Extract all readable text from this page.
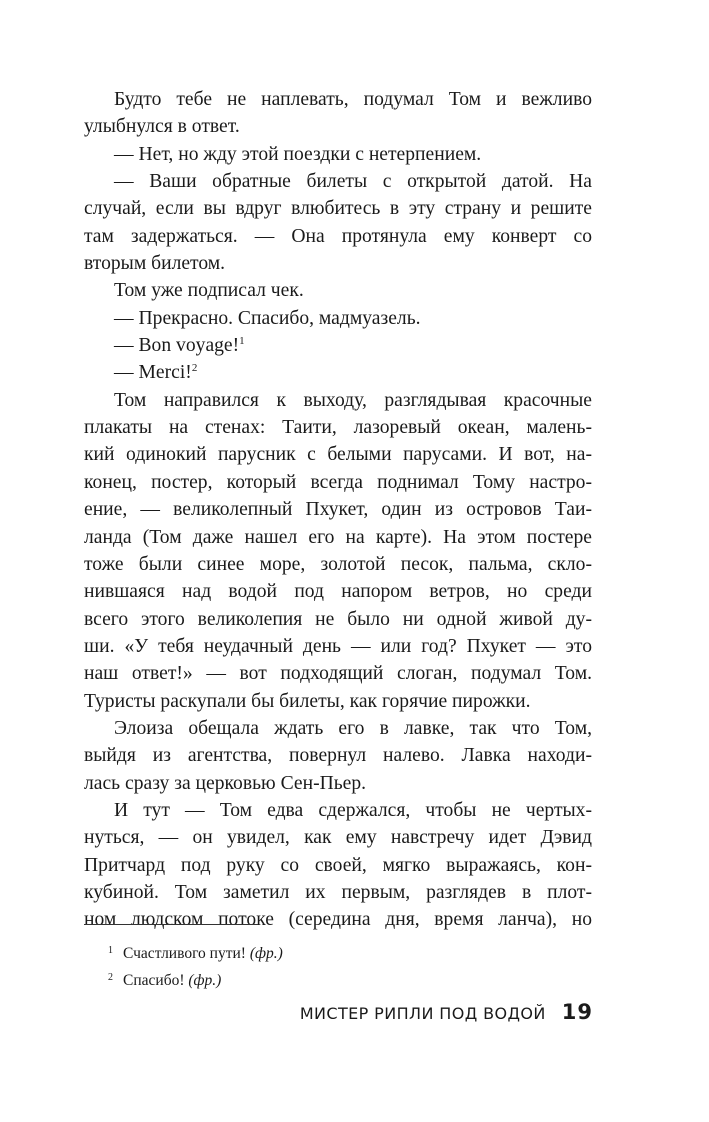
Будто тебе не наплевать, подумал Том и вежливо
улыбнулся в ответ.
— Нет, но жду этой поездки с нетерпением.
— Ваши обратные билеты с открытой датой. На
случай, если вы вдруг влюбитесь в эту страну и решите
там задержаться. — Она протянула ему конверт со
вторым билетом.
Том уже подписал чек.
— Прекрасно. Спасибо, мадмуазель.
— Bon voyage!$^1$
— Merci!$^2$
Том направился к выходу, разглядывая красочные
плакаты на стенах: Таити, лазоревый океан, малень-
кий одинокий парусник с белыми парусами. И вот, на-
конец, постер, который всегда поднимал Тому настро-
ение, — великолепный Пхукет, один из островов Таи-
ланда (Том даже нашел его на карте). На этом постере
тоже были синее море, золотой песок, пальма, скло-
нившаяся над водой под напором ветров, но среди
всего этого великолепия не было ни одной живой ду-
ши. «У тебя неудачный день — или год? Пхукет — это
наш ответ!» — вот подходящий слоган, подумал Том.
Туристы раскупали бы билеты, как горячие пирожки.
Элоиза обещала ждать его в лавке, так что Том,
выйдя из агентства, повернул налево. Лавка находи-
лась сразу за церковью Сен-Пьер.
И тут — Том едва сдержался, чтобы не чертых-
нуться, — он увидел, как ему навстречу идет Дэвид
Притчард под руку со своей, мягко выражаясь, кон-
кубиной. Том заметил их первым, разглядев в плот-
ном людском потоке (середина дня, время ланча), но
$^1$ Счастливого пути! (фр.)
$^2$ Спасибо! (фр.)
МИСТЕР РИПЛИ ПОД ВОДОЙ 19
